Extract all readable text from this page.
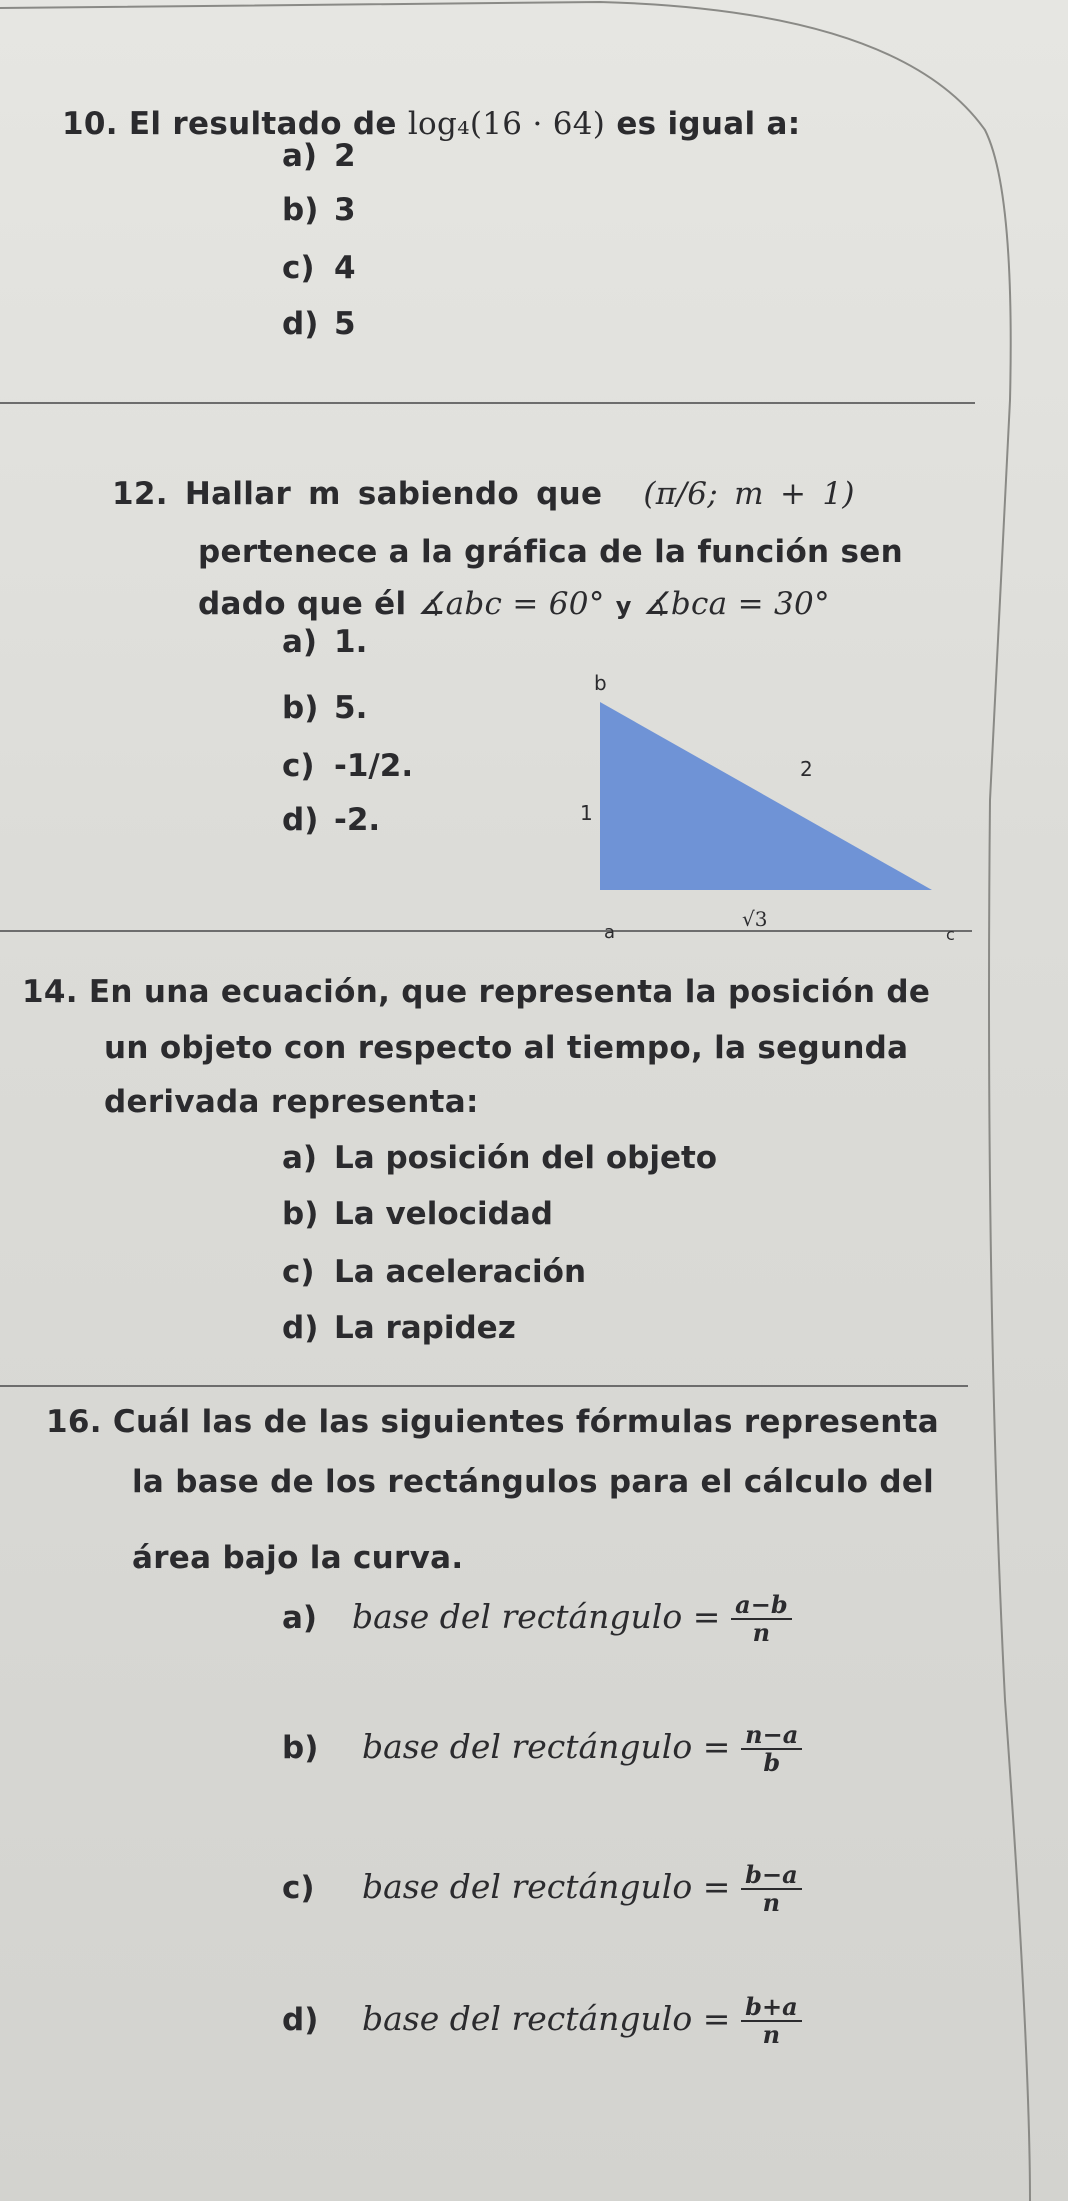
10. El resultado de log₄(16 · 64) es igual a:
a) 2
b) 3
c) 4
d) 5
12. Hallar m sabiendo que (π/6; m + 1)
pertenece a la gráfica de la función sen
dado que él ∡abc = 60° y ∡bca = 30°
a) 1.
b) 5.
c) -1/2.
d) -2.
b
2
1
a
√3
c
14. En una ecuación, que representa la posición de
un objeto con respecto al tiempo, la segunda
derivada representa:
a) La posición del objeto
b) La velocidad
c) La aceleración
d) La rapidez
16. Cuál las de las siguientes fórmulas representa
la base de los rectángulos para el cálculo del
área bajo la curva.
a) base del rectángulo = $\frac{a-b}{n}$
b) base del rectángulo = $\frac{n-a}{b}$
c) base del rectángulo = $\frac{b-a}{n}$
d) base del rectángulo = $\frac{b+a}{n}$
